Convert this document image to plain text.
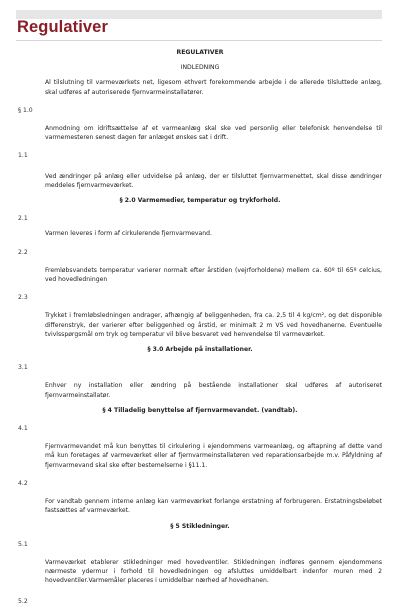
Regulativer

REGULATIVER

INDLEDNING

Al tilslutning til varmeværkets net, ligesom ethvert forekommende arbejde i de allerede tilsluttede anlæg, skal udføres af autoriserede fjernvarmeinstallatører.

§ 1.0

Anmodning om idriftsættelse af et varmeanlæg skal ske ved personlig eller telefonisk henvendelse til varmemesteren senest dagen før anlæget ønskes sat i drift.

1.1

Ved ændringer på anlæg eller udvidelse på anlæg, der er tilsluttet fjernvarmenettet, skal disse ændringer meddeles fjernvarmeværket.

§ 2.0 Varmemedier, temperatur og trykforhold.

2.1

Varmen leveres i form af cirkulerende fjernvarmevand.

2.2

Fremløbsvandets temperatur varierer normalt efter årstiden (vejrforholdene) mellem ca. 60º til 65º celcius, ved hovedledningen

2.3

Trykket i fremløbsledningen andrager, afhængig af beliggenheden, fra ca. 2,5 til 4 kg/cm², og det disponible differenstryk, der varierer efter beliggenhed og årstid, er minimalt 2 m VS ved hovedhanerne. Eventuelle tvivlsspørgsmål om tryk og temperatur vil blive besvaret ved henvendelse til varmeværket.

§ 3.0 Arbejde på installationer.

3.1

Enhver ny installation eller ændring på bestående installationer skal udføres af autoriseret fjernvarmeinstallatør.

§ 4 Tilladelig benyttelse af fjernvarmevandet. (vandtab).

4.1

Fjernvarmevandet må kun benyttes til cirkulering i ejendommens varmeanlæg, og aftapning af dette vand må kun foretages af varmeværket eller af fjernvarmeinstallatøren ved reparationsarbejde m.v. Påfyldning af fjernvarmevand skal ske efter bestemelserne i §11.1.

4.2

For vandtab gennem interne anlæg kan varmeværket forlange erstatning af forbrugeren. Erstatningsbeløbet fastsættes af varmeværket.

§ 5 Stikledninger.

5.1

Varmeværket etablerer stikledninger med hovedventiler. Stikledningen indføres gennem ejendommens nærmeste ydermur i forhold til hovedledningen og afsluttes umiddelbart indenfor muren med 2 hovedventiler.Varmemåler placeres i umiddelbar nærhed af hovedhanen.

5.2
